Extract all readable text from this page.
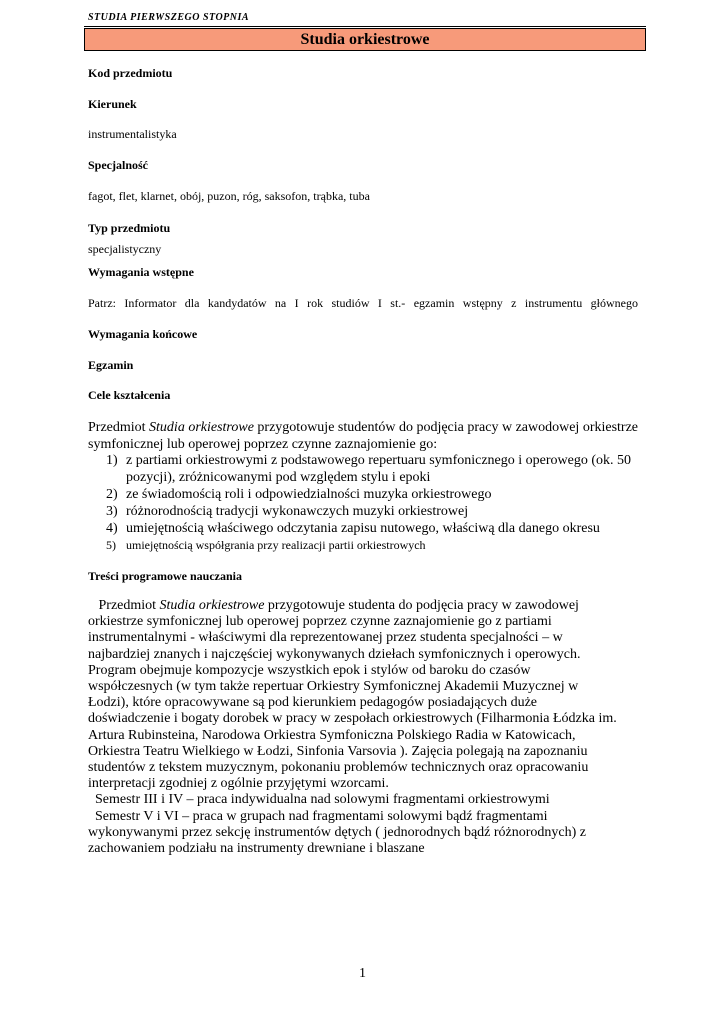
STUDIA PIERWSZEGO STOPNIA
Studia orkiestrowe
Kod przedmiotu
Kierunek
instrumentalistyka
Specjalność
fagot, flet, klarnet, obój, puzon, róg, saksofon, trąbka, tuba
Typ przedmiotu
specjalistyczny
Wymagania wstępne
Patrz: Informator dla kandydatów na I rok studiów I st.- egzamin wstępny z instrumentu głównego
Wymagania końcowe
Egzamin
Cele kształcenia

Przedmiot Studia orkiestrowe przygotowuje studentów do podjęcia pracy w zawodowej orkiestrze symfonicznej lub operowej poprzez czynne zaznajomienie go:

1) z partiami orkiestrowymi z podstawowego repertuaru symfonicznego i operowego (ok. 50 pozycji), zróżnicowanymi pod względem stylu i epoki
2) ze świadomością roli i odpowiedzialności muzyka orkiestrowego
3) różnorodnością tradycji wykonawczych muzyki orkiestrowej
4) umiejętnością właściwego odczytania zapisu nutowego, właściwą dla danego okresu
5) umiejętnością współgrania przy realizacji partii orkiestrowych
Treści programowe nauczania
Przedmiot Studia orkiestrowe przygotowuje studenta do podjęcia pracy w zawodowej
orkiestrze symfonicznej lub operowej poprzez czynne zaznajomienie go z partiami
instrumentalnymi - właściwymi dla reprezentowanej przez studenta specjalności – w
najbardziej znanych i najczęściej wykonywanych dziełach symfonicznych i operowych.
Program obejmuje kompozycje wszystkich epok i stylów od baroku do czasów
współczesnych (w tym także repertuar Orkiestry Symfonicznej Akademii Muzycznej w
Łodzi), które opracowywane są pod kierunkiem pedagogów posiadających duże
doświadczenie i bogaty dorobek w pracy w zespołach orkiestrowych (Filharmonia Łódzka im.
Artura Rubinsteina, Narodowa Orkiestra Symfoniczna Polskiego Radia w Katowicach,
Orkiestra Teatru Wielkiego w Łodzi, Sinfonia Varsovia ). Zajęcia polegają na zapoznaniu
studentów z tekstem muzycznym, pokonaniu problemów technicznych oraz opracowaniu
interpretacji zgodniej z ogólnie przyjętymi wzorcami.
Semestr III i IV – praca indywidualna nad solowymi fragmentami orkiestrowymi
Semestr V i VI – praca w grupach nad fragmentami solowymi bądź fragmentami
wykonywanymi przez sekcję instrumentów dętych ( jednorodnych bądź różnorodnych) z
zachowaniem podziału na instrumenty drewniane i blaszane
1
